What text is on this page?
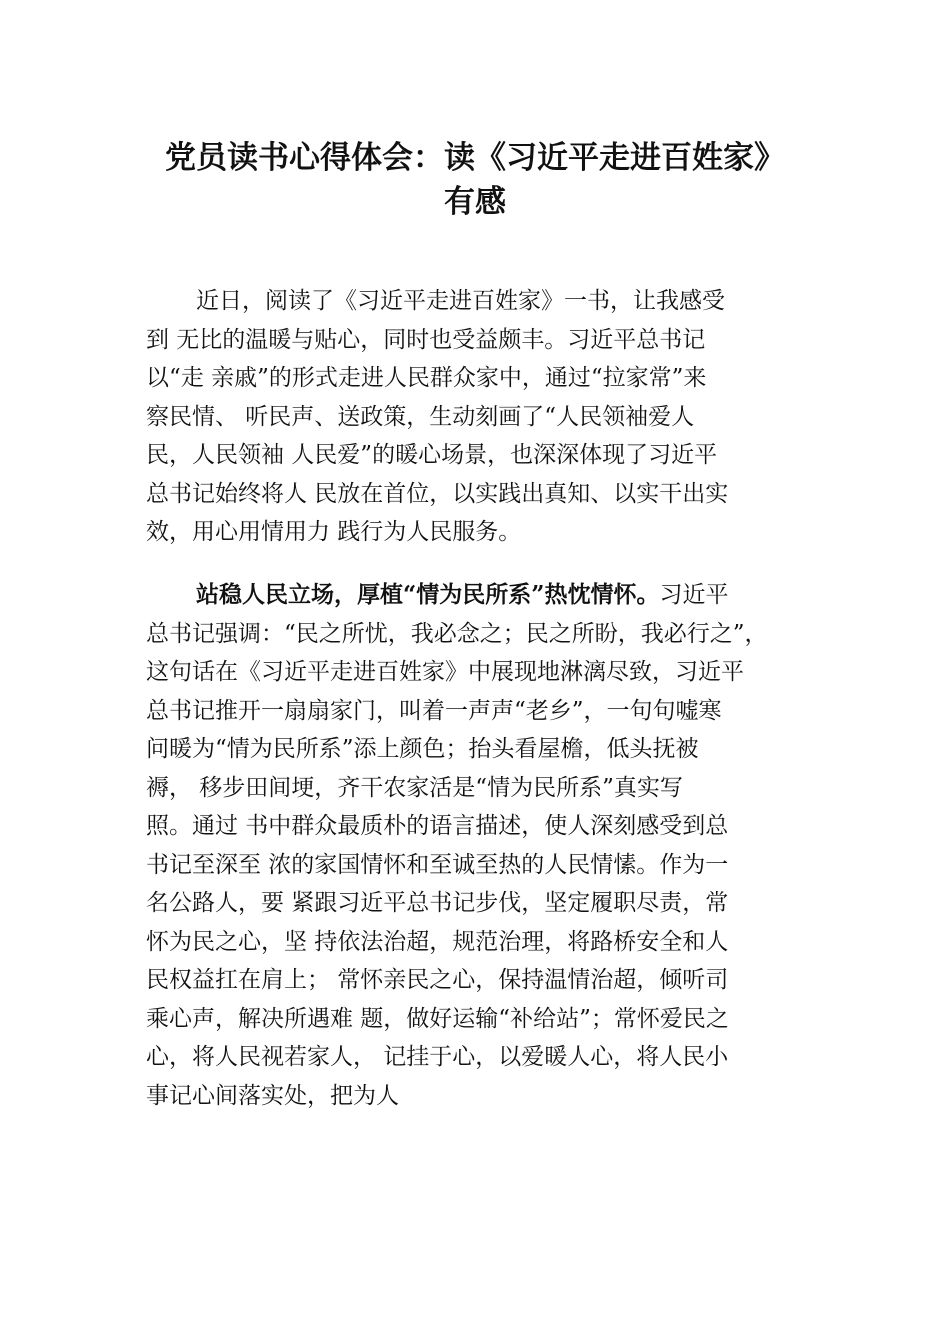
党员读书心得体会：读《习近平走进百姓家》
有感
近日，阅读了《习近平走进百姓家》一书，让我感受
到 无比的温暖与贴心，同时也受益颇丰。习近平总书记
以“走 亲戚”的形式走进人民群众家中，通过“拉家常”来
察民情、 听民声、送政策，生动刻画了“人民领袖爱人
民，人民领袖 人民爱”的暖心场景，也深深体现了习近平
总书记始终将人 民放在首位，以实践出真知、以实干出实
效，用心用情用力 践行为人民服务。
站稳人民立场，厚植“情为民所系”热忱情怀。习近平
总书记强调：“民之所忧，我必念之；民之所盼，我必行之”，
这句话在《习近平走进百姓家》中展现地淋漓尽致，习近平
总书记推开一扇扇家门，叫着一声声“老乡”，一句句嘘寒
问暖为“情为民所系”添上颜色；抬头看屋檐，低头抚被
褥， 移步田间埂，齐干农家活是“情为民所系”真实写
照。通过 书中群众最质朴的语言描述，使人深刻感受到总
书记至深至 浓的家国情怀和至诚至热的人民情愫。作为一
名公路人，要 紧跟习近平总书记步伐，坚定履职尽责，常
怀为民之心，坚 持依法治超，规范治理，将路桥安全和人
民权益扛在肩上； 常怀亲民之心，保持温情治超，倾听司
乘心声，解决所遇难 题，做好运输“补给站”；常怀爱民之
心，将人民视若家人， 记挂于心，以爱暖人心，将人民小
事记心间落实处，把为人
